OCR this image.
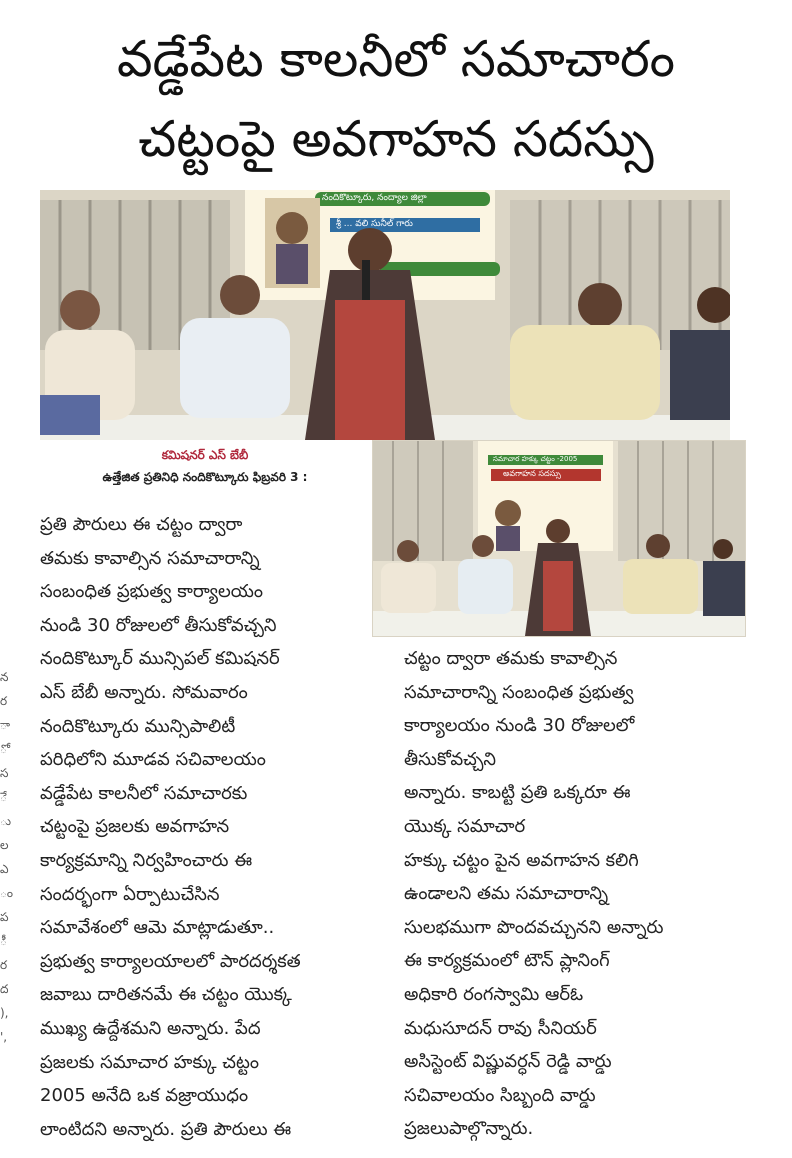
వడ్డేపేట కాలనీలో సమాచారం
చట్టంపై అవగాహన సదస్సు
నందికొట్కూరు, నంద్యాల జిల్లా
శ్రీ ... వలి సునీల్ గారు
కమిషనర్ ఎస్ బేబీ
ఉత్తేజిత ప్రతినిధి నందికొట్కూరు ఫిబ్రవరి 3 :
సమాచార హక్కు చట్టం -2005
అవగాహన సదస్సు
న
ర
ా
ో
స
ే
ు
ల
ఎ
ం
ప
ీ
ర
ద
),
',

ప్రతి పౌరులు ఈ చట్టం ద్వారా

తమకు కావాల్సిన సమాచారాన్ని

సంబంధిత ప్రభుత్వ కార్యాలయం

నుండి 30 రోజులలో తీసుకోవచ్చని

నందికొట్కూర్ మున్సిపల్ కమిషనర్

ఎస్ బేబీ అన్నారు. సోమవారం

నందికొట్కూరు మున్సిపాలిటీ

పరిధిలోని మూడవ సచివాలయం

వడ్డేపేట కాలనీలో సమాచారకు

చట్టంపై ప్రజలకు అవగాహన

కార్యక్రమాన్ని నిర్వహించారు ఈ

సందర్భంగా ఏర్పాటుచేసిన

సమావేశంలో ఆమె మాట్లాడుతూ..

ప్రభుత్వ కార్యాలయాలలో పారదర్శకత

జవాబు దారితనమే ఈ చట్టం యొక్క

ముఖ్య ఉద్దేశమని అన్నారు. పేద

ప్రజలకు సమాచార హక్కు చట్టం

2005 అనేది ఒక వజ్రాయుధం

లాంటిదని అన్నారు. ప్రతి పౌరులు ఈ

చట్టం ద్వారా తమకు కావాల్సిన

సమాచారాన్ని సంబంధిత ప్రభుత్వ

కార్యాలయం నుండి 30 రోజులలో

తీసుకోవచ్చని

అన్నారు. కాబట్టి ప్రతి ఒక్కరూ ఈ

యొక్క సమాచార

హక్కు చట్టం పైన అవగాహన కలిగి

ఉండాలని తమ సమాచారాన్ని

సులభముగా పొందవచ్చునని అన్నారు

ఈ కార్యక్రమంలో టౌన్ ప్లానింగ్

అధికారి రంగస్వామి ఆర్ఓ

మధుసూదన్ రావు సీనియర్

అసిస్టెంట్ విష్ణువర్ధన్ రెడ్డి వార్డు

సచివాలయం సిబ్బంది వార్డు

ప్రజలుపాల్గొన్నారు.
